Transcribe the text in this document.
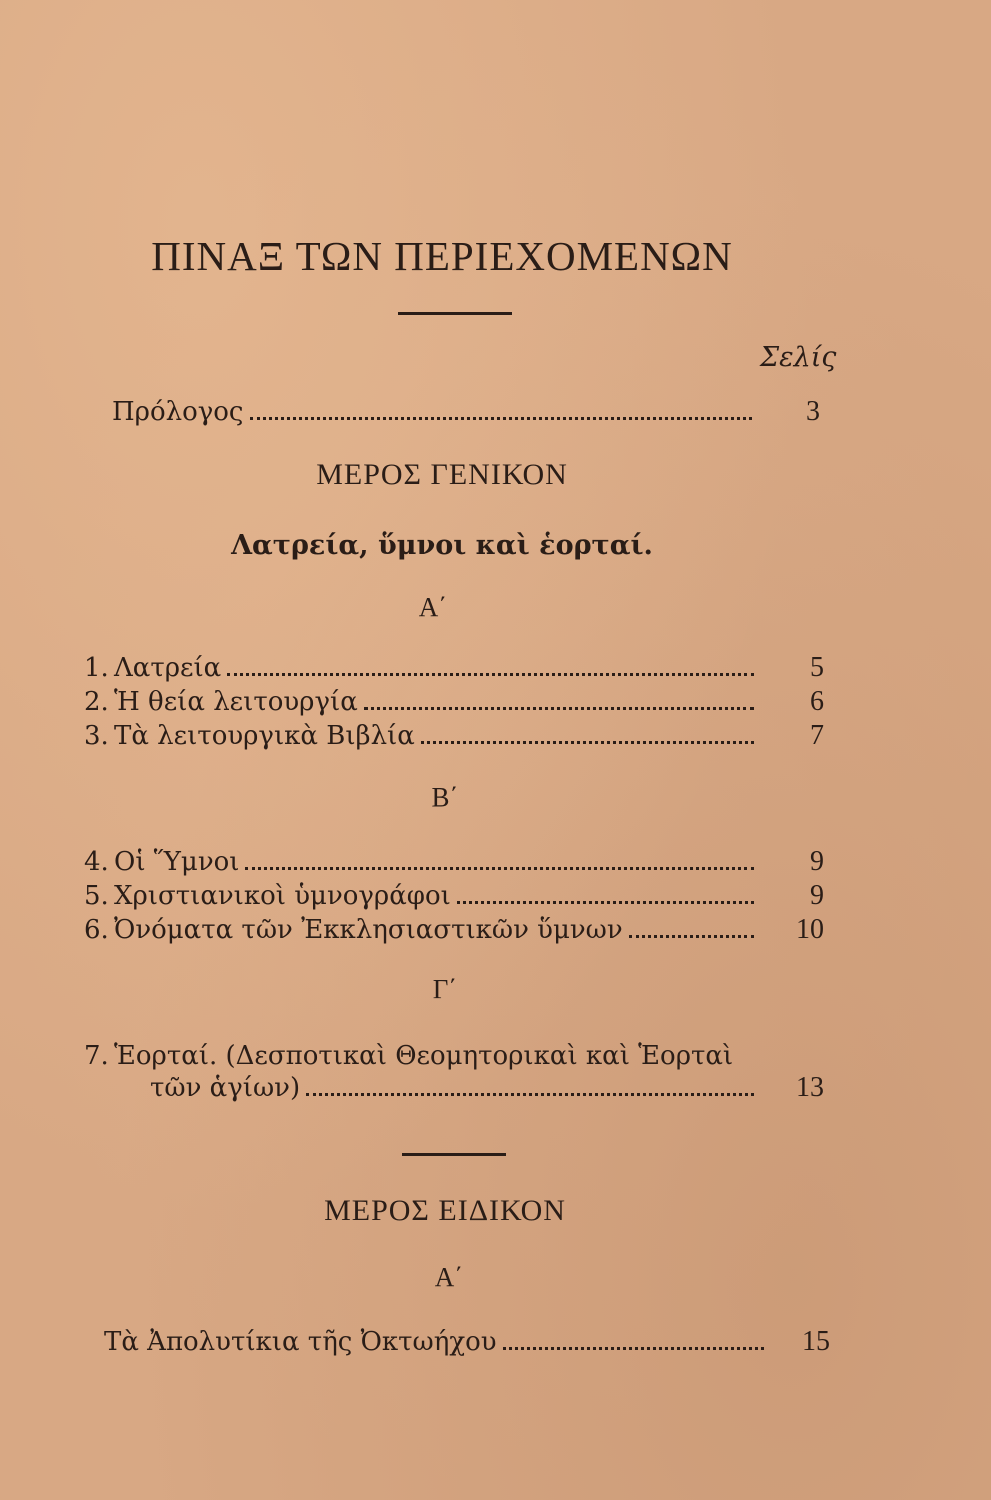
ΠΙΝΑΞ ΤΩΝ ΠΕΡΙΕΧΟΜΕΝΩΝ
Σελίς
Πρόλογος	3
ΜΕΡΟΣ ΓΕΝΙΚΟΝ
Λατρεία, ὕμνοι καὶ ἑορταί.
Α΄
1. Λατρεία	5
2. Ἡ θεία λειτουργία	6
3. Τὰ λειτουργικὰ Βιβλία	7
Β΄
4. Οἱ Ὕμνοι	9
5. Χριστιανικοὶ ὑμνογράφοι	9
6. Ὀνόματα τῶν Ἐκκλησιαστικῶν ὕμνων	10
Γ΄
7. Ἑορταί. (Δεσποτικαὶ Θεομητορικαὶ καὶ Ἑορταὶ
τῶν ἁγίων)	13
ΜΕΡΟΣ ΕΙΔΙΚΟΝ
Α΄
Τὰ Ἀπολυτίκια τῆς Ὀκτωήχου	15
